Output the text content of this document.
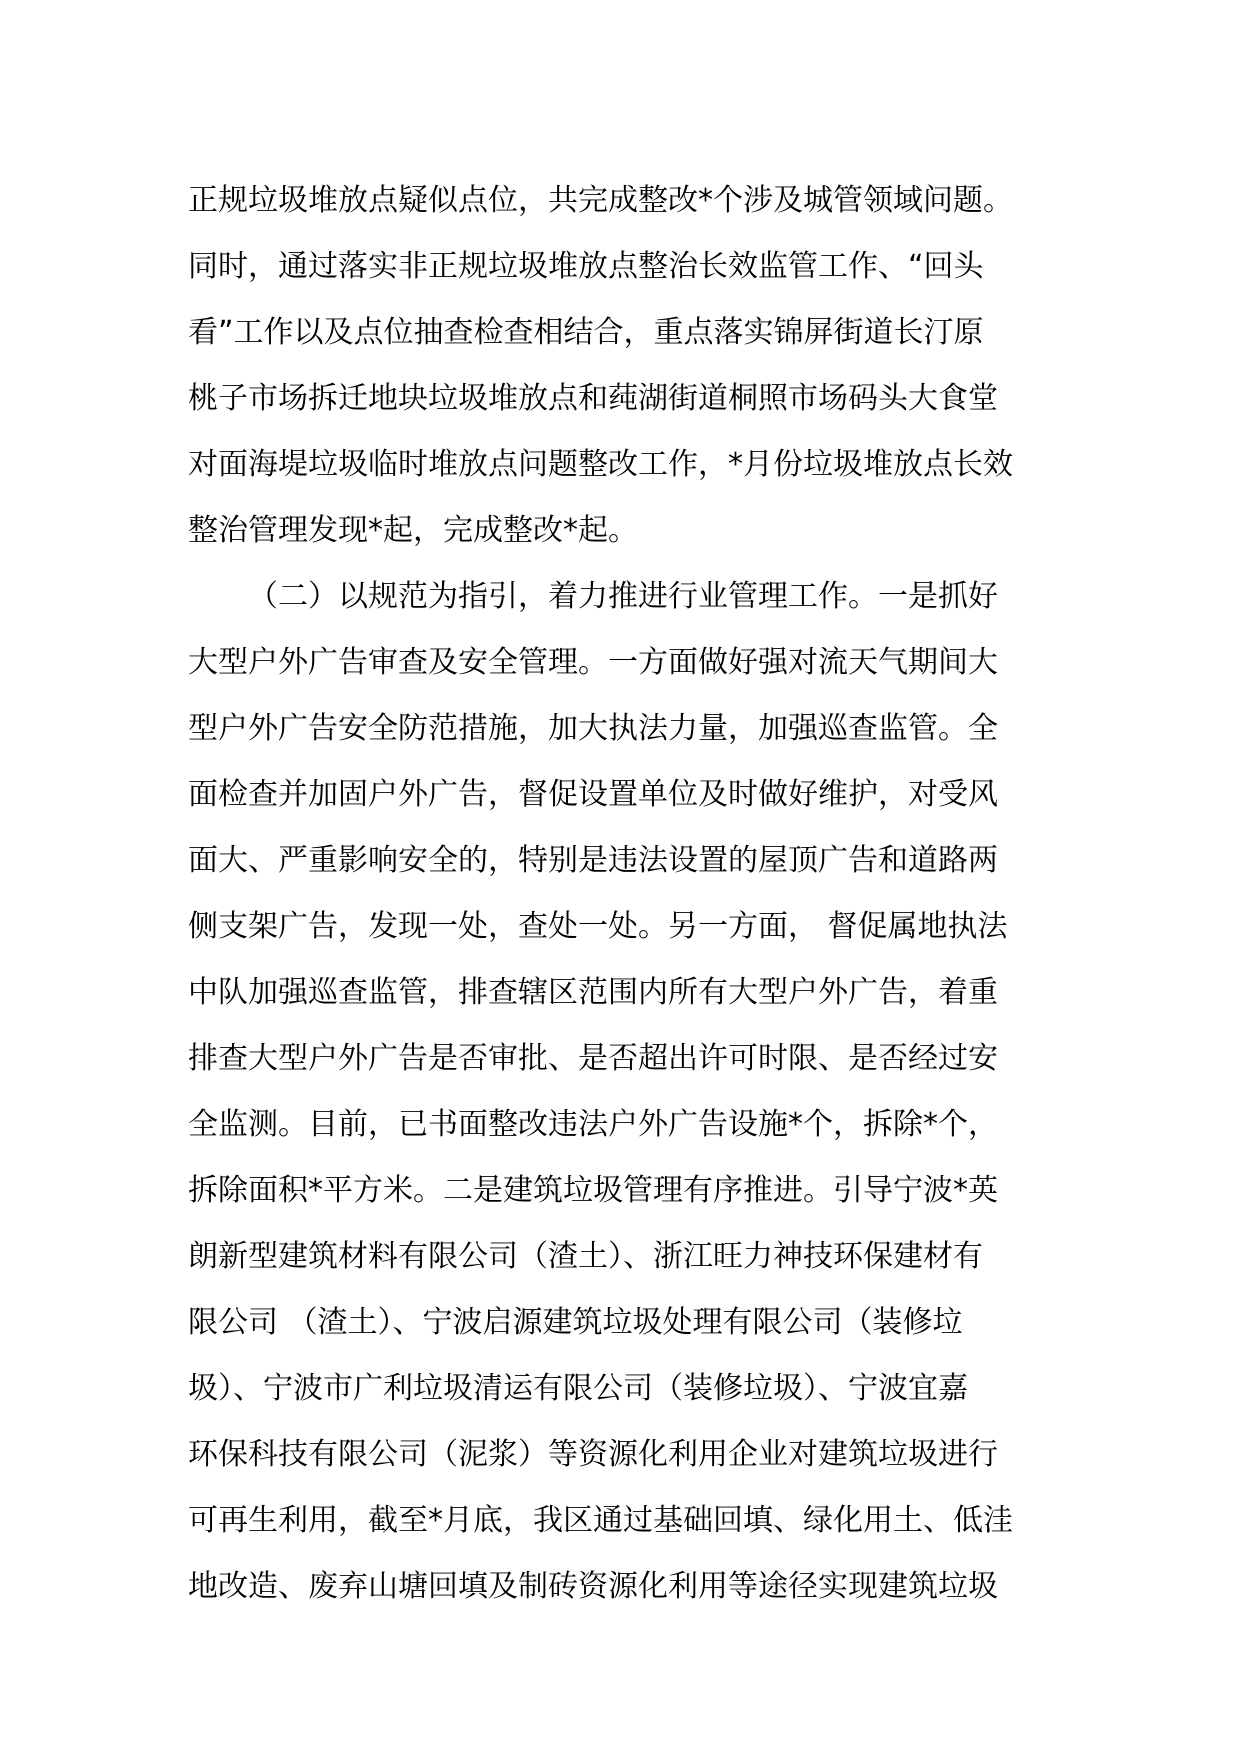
正规垃圾堆放点疑似点位，共完成整改*个涉及城管领域问题。
同时，通过落实非正规垃圾堆放点整治长效监管工作、“回头
看”工作以及点位抽查检查相结合，重点落实锦屏街道长汀原
桃子市场拆迁地块垃圾堆放点和莼湖街道桐照市场码头大食堂
对面海堤垃圾临时堆放点问题整改工作，*月份垃圾堆放点长效
整治管理发现*起，完成整改*起。
（二）以规范为指引，着力推进行业管理工作。一是抓好
大型户外广告审查及安全管理。一方面做好强对流天气期间大
型户外广告安全防范措施，加大执法力量，加强巡查监管。全
面检查并加固户外广告，督促设置单位及时做好维护，对受风
面大、严重影响安全的，特别是违法设置的屋顶广告和道路两
侧支架广告，发现一处，查处一处。另一方面， 督促属地执法
中队加强巡查监管，排查辖区范围内所有大型户外广告，着重
排查大型户外广告是否审批、是否超出许可时限、是否经过安
全监测。目前，已书面整改违法户外广告设施*个，拆除*个，
拆除面积*平方米。二是建筑垃圾管理有序推进。引导宁波*英
朗新型建筑材料有限公司（渣土）、浙江旺力神技环保建材有
限公司 （渣土）、宁波启源建筑垃圾处理有限公司（装修垃
圾）、宁波市广利垃圾清运有限公司（装修垃圾）、宁波宜嘉
环保科技有限公司（泥浆）等资源化利用企业对建筑垃圾进行
可再生利用，截至*月底，我区通过基础回填、绿化用土、低洼
地改造、废弃山塘回填及制砖资源化利用等途径实现建筑垃圾
